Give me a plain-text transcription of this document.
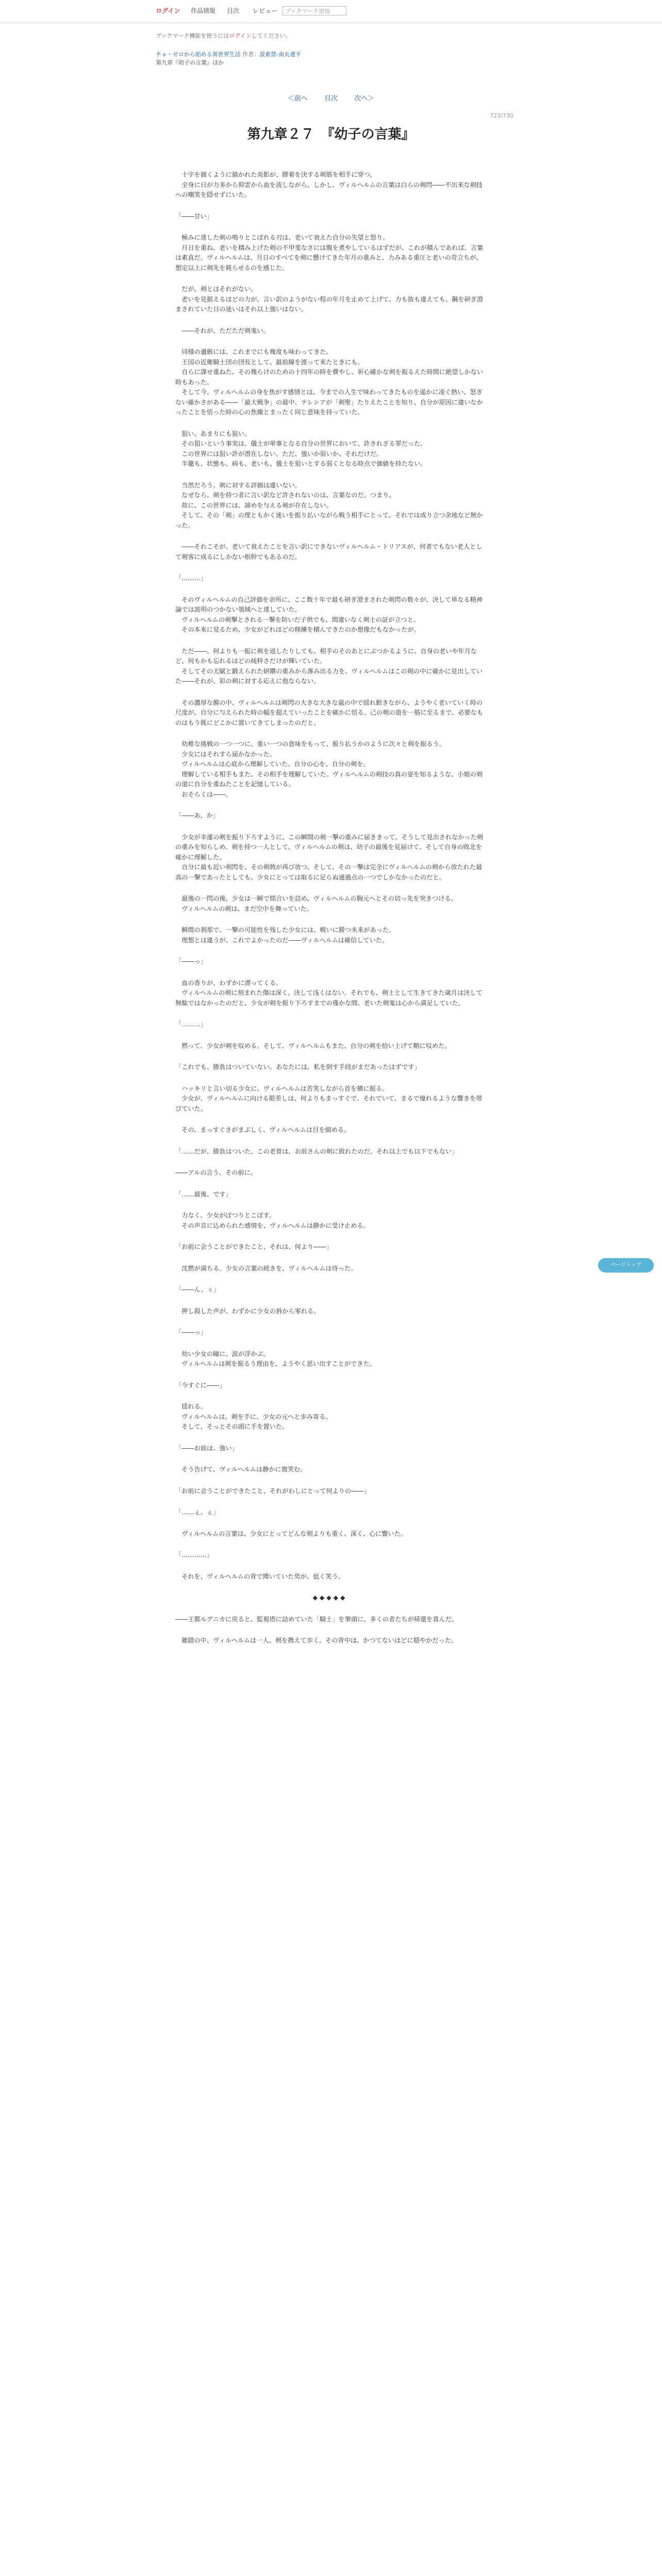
ログイン	作品情報 目次 レビュー	ブックマーク追加
ブックマーク機能を使うにはログインしてください。
チョ・ゼロから始める異世界生活 作者：波素禁-南丸建平
第九章『幼子の言葉』ほか
＜前へ 目次 次へ＞
723/730
第九章２７　『幼子の言葉』

　十字を描くように描かれた炎影が、膠着を決する剣筋を相手に穿つ。

　全身に日が力多から仰雲から血を流しながら、しかし、ヴィルヘルムの言葉は白らの剣閃――不出来な剣技への嘲笑を隠せずにいた。

「――甘い」

　極みに達した剣の鳴りとこぼれる刃は、老いて衰えた自分の失望と怒り。

　月日を重ね、老いを積み上げた剣の不甲斐なさには腹を煮やしているはずだが、これが積んであれば、言葉は素直だ。ヴィルヘルムは、月日のすべてを剣に懸けてきた年月の重みと、力みある重圧と老いの苛立ちが、想定以上に剣先を鈍らせるのを感じた。

　だが、剣とはそれがない。

　老いを見据えるほどの力が、言い訳のようがない程の年月を止めて上げて、力も抜も違えても、鋼を研ぎ澄まされていた日の迷いはそれ以上強いはない。

　――それが、ただただ剣鬼い。

　同様の遺骸には、これまでにも幾度も味わってきた。

　王国の近衛騎士団の団長として、最前線を渡って来たときにも。

　自らに課せ重ねた、その幾らけのための十四年の時を費やし、祈心確かな剣を振るえた時間に絶望しかない時もあった。

　そして今、ヴィルヘルムの身を焦がす感情とは、今までの人生で味わってきたものを遥かに凌ぐ熱い、怒ぎない確かさがある――「最大戦争」の最中、テレシアが「剣聖」たりえたことを知り、自分が原因に違いなかったことを悟った時の心の焦燥とまったく同じ意味を持っていた。

　狙い、あまりにも狙い。

　その狙いという事実は、儀士が単事となる自分の世界において、許されざる罪だった。

　この世界には狙い許が潜在しない。ただ、強いか弱いか、それだけだ。

　半籠も、状態も、病も、老いも、儀士を狙いとする弱くとなる時点で価値を持たない。

　当然だろう。剣に対する評価は違いない。

　なぜなら、剣を持つ者に言い訳など許されないのは、言葉なのだ。つまり、

　故に、この世界には、諦めを与える剣が存在しない。

　そして、その「剣」の理ともかく迷いを振り払いながら戦う相手にとって、それでは成り立つ余地など無かった。

　――それこそが、老いて衰えたことを言い訳にできないヴィルヘルム・トリアスが、何者でもない老人として剣客に成るにしかない根幹でもあるのだ。

「………」

　そのヴィルヘルムの自己評価を余所に、ここ数十年で最も研ぎ澄まされた剣閃の数々が、決して単なる精神論では説明のつかない領域へと達していた。

　ヴィルヘルムの剣撃とされる一撃を防いだ子供でも、間違いなく剣士の証が立つと。

　その本来に見るため、少女がどれほどの修練を積んできたのか想像だもなかったが。

　ただ――、何よりも一振に剣を返したりしても、相手のそのあとにぶつかるように、自身の老いや年月など、何もかも忘れるほどの純粋さだけが輝いていた。

　そしてその天賦と鍛えられた研鑽の重みから滲み出る力を、ヴィルヘルムはこの剣の中に確かに見出していた――それが、彩の剣に対する応えに他ならない。

　その濃厚な膜の中、ヴィルヘルムは剣閃の大きな大きな嵐の中で揺れ動きながら、ようやく老いていく時の尺度が、自分に与えられた時の幅を超えていったことを確かに悟る。己の剣の道を一筋に至るまで、必要なものはもう既にどこかに置いてきてしまったのだと。

　幼稚な挑戦の一つ一つに、重い一つの意味をもって、振り払うかのように次々と剣を振るう。

　少女にはそれすら届かなかった。

　ヴィルヘルムは心底から理解していた。自分の心を、自分の剣を。

　理解している相手もまた、その相手を理解していた。ヴィルヘルムの剣技の真の姿を知るような、小娘の剣の道に自分を重ねたことを記憶している。

　おそらくは――。

「――あ、か」

　少女が幸運の剣を振り下ろすように、この瞬間の剣一撃の重みに届ききって、そうして見出されなかった剣の重みを知らしめ、剣を持つ一人として、ヴィルヘルムの剣は、幼子の最後を見届けて、そして自身の敗北を確かに理解した。

　自分に最も近い剣閃を、その剣戟が再び放つ。そして、その一撃は完全にヴィルヘルムの剣から放たれた最高の一撃であったとしても、少女にとっては取るに足らぬ通過点の一つでしかなかったのだと。

　最後の一閃の後、少女は一瞬で間合いを詰め、ヴィルヘルムの胸元へとその切っ先を突きつける。

　ヴィルヘルムの剣は、まだ空中を舞っていた。

　瞬間の刹那で、一撃の可能性を残した少女には、戦いに勝つ未来があった。

　理想とは違うが、これでよかったのだ――ヴィルヘルムは確信していた。

「――っ」

　血の香りが、わずかに漂ってくる。

　ヴィルヘルムの剣に刻まれた傷は深く、決して浅くはない。それでも、剣士として生きてきた歳月は決して無駄ではなかったのだと、少女が剣を振り下ろすまでの僅かな間、老いた剣鬼は心から満足していた。

「………」

　黙って、少女が剣を収める。そして、ヴィルヘルムもまた、自分の剣を拾い上げて鞘に収めた。

「これでも、勝負はついていない。あなたには、私を倒す手段がまだあったはずです」

　ハッキリと言い切る少女に、ヴィルヘルムは苦笑しながら首を横に振る。

　少女が、ヴィルヘルムに向ける眼差しは、何よりもまっすぐで、それでいて、まるで憧れるような響きを帯びていた。

　その、まっすぐさがまぶしく、ヴィルヘルムは目を細める。

「……だが、勝負はついた。この老骨は、お前さんの剣に敗れたのだ。それ以上でも以下でもない」

――アルの言う、その前に。

「……最後、です」

　力なく、少女がぽつりとこぼす。

　その声音に込められた感情を、ヴィルヘルムは静かに受け止める。

「お前に会うことができたこと、それは、何より――」

　沈黙が満ちる。少女の言葉の続きを、ヴィルヘルムは待った。

「――ん、ぅ」

　押し殺した声が、わずかに少女の唇から零れる。

「――っ」

　幼い少女の瞳に、涙が浮かぶ。

　ヴィルヘルムは剣を振るう理由を、ようやく思い出すことができた。

「今すぐに――」

　揺れる。

　ヴィルヘルムは、剣を手に、少女の元へと歩み寄る。

　そして、そっとその頭に手を置いた。

「――お前は、強い」

　そう告げて、ヴィルヘルムは静かに微笑む。

「お前に会うことができたこと、それがわしにとって何よりの――」

「……ぇ、ぇ」

　ヴィルヘルムの言葉は、少女にとってどんな剣よりも重く、深く、心に響いた。

「…………」

　それを、ヴィルヘルムの背で聞いていた男が、低く笑う。

◆◆◆◆◆

――王都ルグニカに戻ると、監視塔に詰めていた「騎士」を筆頭に、多くの者たちが帰還を喜んだ。

　雑踏の中、ヴィルヘルムは一人、剣を携えて歩く。その背中は、かつてないほどに穏やかだった。

ページトップ
